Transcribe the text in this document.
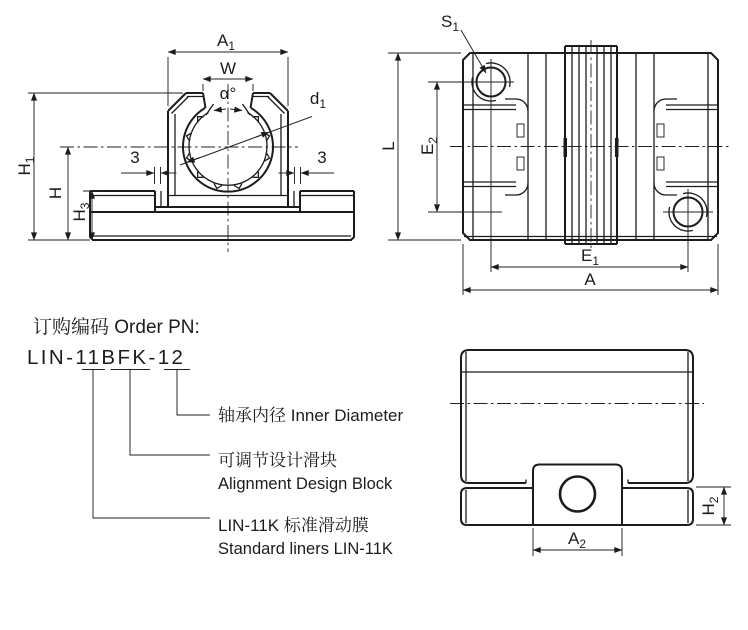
$A_1$
W
α°	$d_1$
$H_1$
H
$H_3$
3	3
$S_1$
L $E_2$
$E_1$
A
$A_2$
$H_2$
订购编码 Order PN:
LIN-11BFK-12
轴承内径 Inner Diameter
可调节设计滑块
Alignment Design Block
LIN-11K 标准滑动膜
Standard liners LIN-11K
